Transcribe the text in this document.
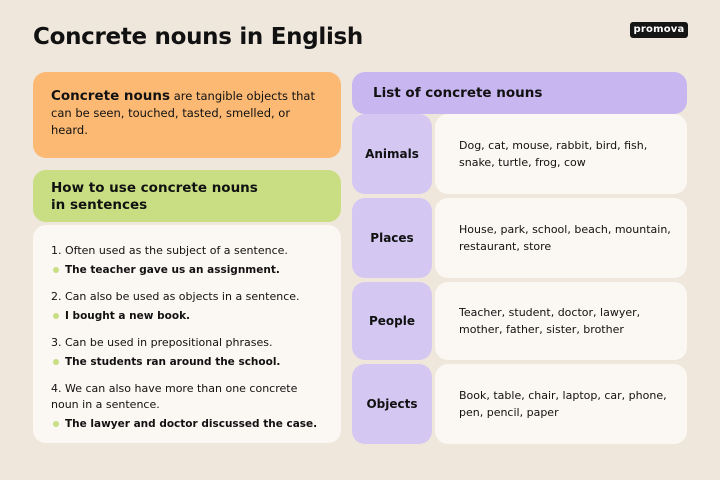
Concrete nouns in English	promova
Concrete nouns are tangible objects that can be seen, touched, tasted, smelled, or heard.
How to use concrete nouns
in sentences
1. Often used as the subject of a sentence.
The teacher gave us an assignment.
2. Can also be used as objects in a sentence.
I bought a new book.
3. Can be used in prepositional phrases.
The students ran around the school.
4. We can also have more than one concrete noun in a sentence.
The lawyer and doctor discussed the case.
List of concrete nouns
Animals
Dog, cat, mouse, rabbit, bird, fish, snake, turtle, frog, cow
Places
House, park, school, beach, mountain, restaurant, store
People
Teacher, student, doctor, lawyer, mother, father, sister, brother
Objects
Book, table, chair, laptop, car, phone, pen, pencil, paper
